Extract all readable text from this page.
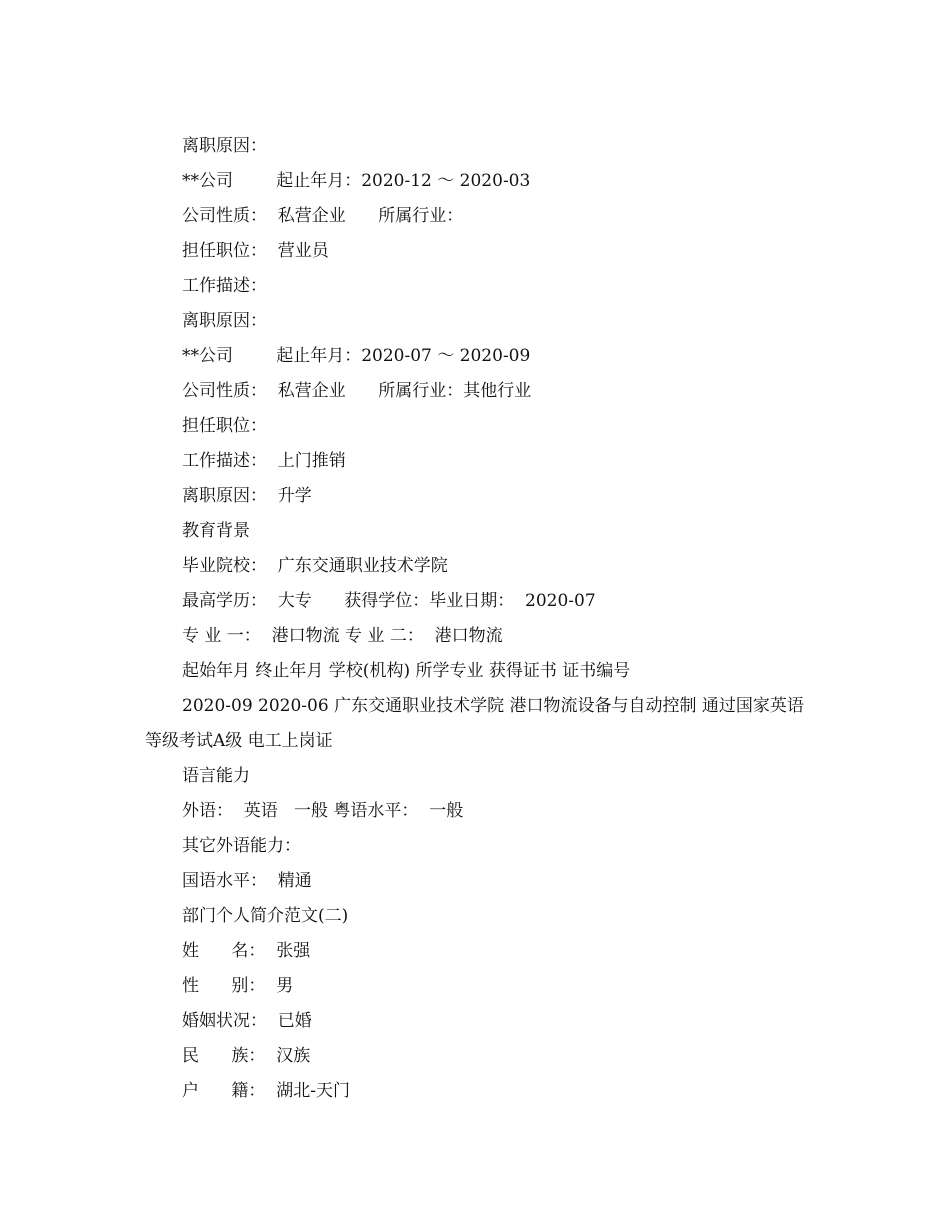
离职原因：
**公司        起止年月：2020-12 ～ 2020-03
公司性质：  私营企业      所属行业：
担任职位：  营业员
工作描述：
离职原因：
**公司        起止年月：2020-07 ～ 2020-09
公司性质：  私营企业      所属行业：其他行业
担任职位：
工作描述：  上门推销
离职原因：  升学
教育背景
毕业院校：  广东交通职业技术学院
最高学历：  大专      获得学位：毕业日期：  2020-07
专 业 一：  港口物流 专 业 二：  港口物流
起始年月 终止年月 学校(机构) 所学专业 获得证书 证书编号
2020-09 2020-06 广东交通职业技术学院 港口物流设备与自动控制 通过国家英语等级考试A级 电工上岗证
语言能力
外语：  英语   一般 粤语水平：  一般
其它外语能力：
国语水平：  精通
部门个人简介范文(二)
姓      名：  张强
性      别：  男
婚姻状况：  已婚
民      族：  汉族
户      籍：  湖北-天门
